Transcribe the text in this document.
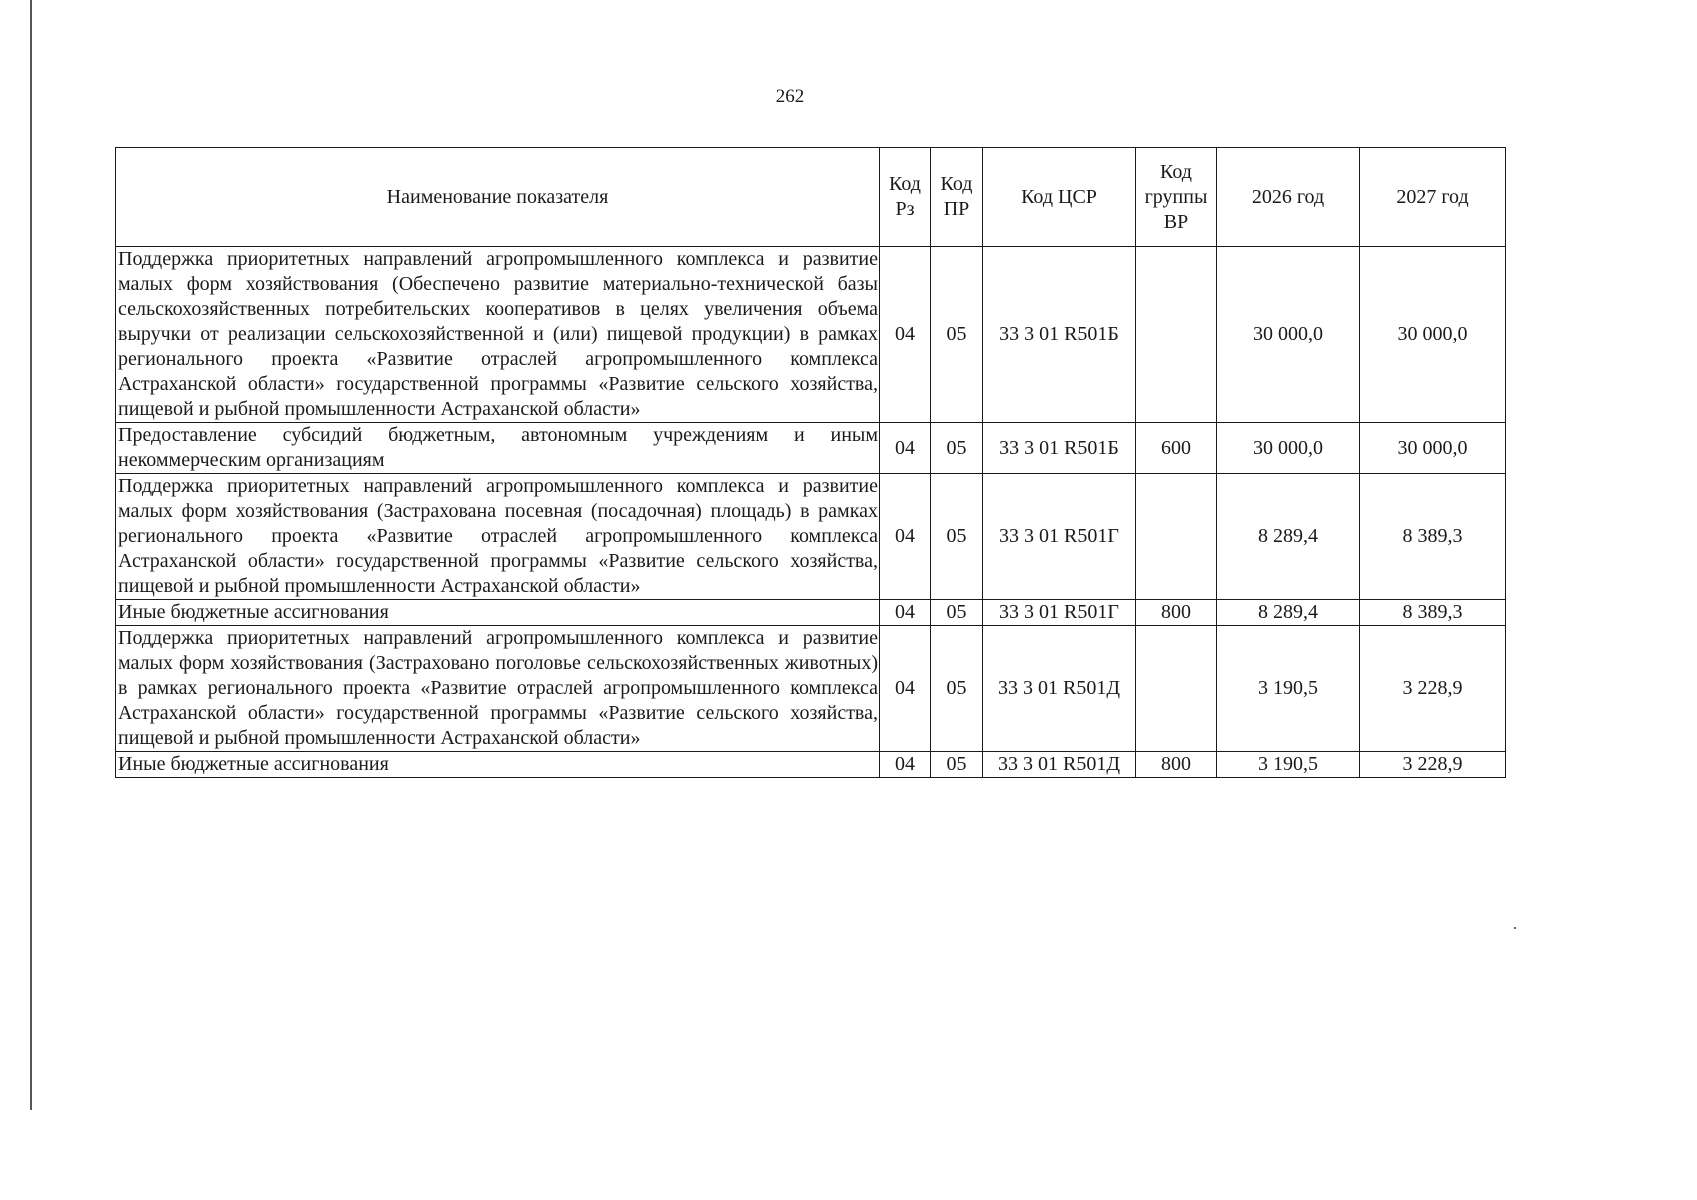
262
Наименование показателя	Код Рз	Код ПР	Код ЦСР	Код группы ВР	2026 год	2027 год
Поддержка приоритетных направлений агропромышленного комплекса и развитие малых форм хозяйствования (Обеспечено развитие материально-технической базы сельскохозяйственных потребительских кооперативов в целях увеличения объема выручки от реализации сельскохозяйственной и (или) пищевой продукции) в рамках регионального проекта «Развитие отраслей агропромышленного комплекса Астраханской области» государственной программы «Развитие сельского хозяйства, пищевой и рыбной промышленности Астраханской области»	04	05	33 3 01 R501Б		30 000,0	30 000,0
Предоставление субсидий бюджетным, автономным учреждениям и иным некоммерческим организациям	04	05	33 3 01 R501Б	600	30 000,0	30 000,0
Поддержка приоритетных направлений агропромышленного комплекса и развитие малых форм хозяйствования (Застрахована посевная (посадочная) площадь) в рамках регионального проекта «Развитие отраслей агропромышленного комплекса Астраханской области» государственной программы «Развитие сельского хозяйства, пищевой и рыбной промышленности Астраханской области»	04	05	33 3 01 R501Г		8 289,4	8 389,3
Иные бюджетные ассигнования	04	05	33 3 01 R501Г	800	8 289,4	8 389,3
Поддержка приоритетных направлений агропромышленного комплекса и развитие малых форм хозяйствования (Застраховано поголовье сельскохозяйственных животных) в рамках регионального проекта «Развитие отраслей агропромышленного комплекса Астраханской области» государственной программы «Развитие сельского хозяйства, пищевой и рыбной промышленности Астраханской области»	04	05	33 3 01 R501Д		3 190,5	3 228,9
Иные бюджетные ассигнования	04	05	33 3 01 R501Д	800	3 190,5	3 228,9
